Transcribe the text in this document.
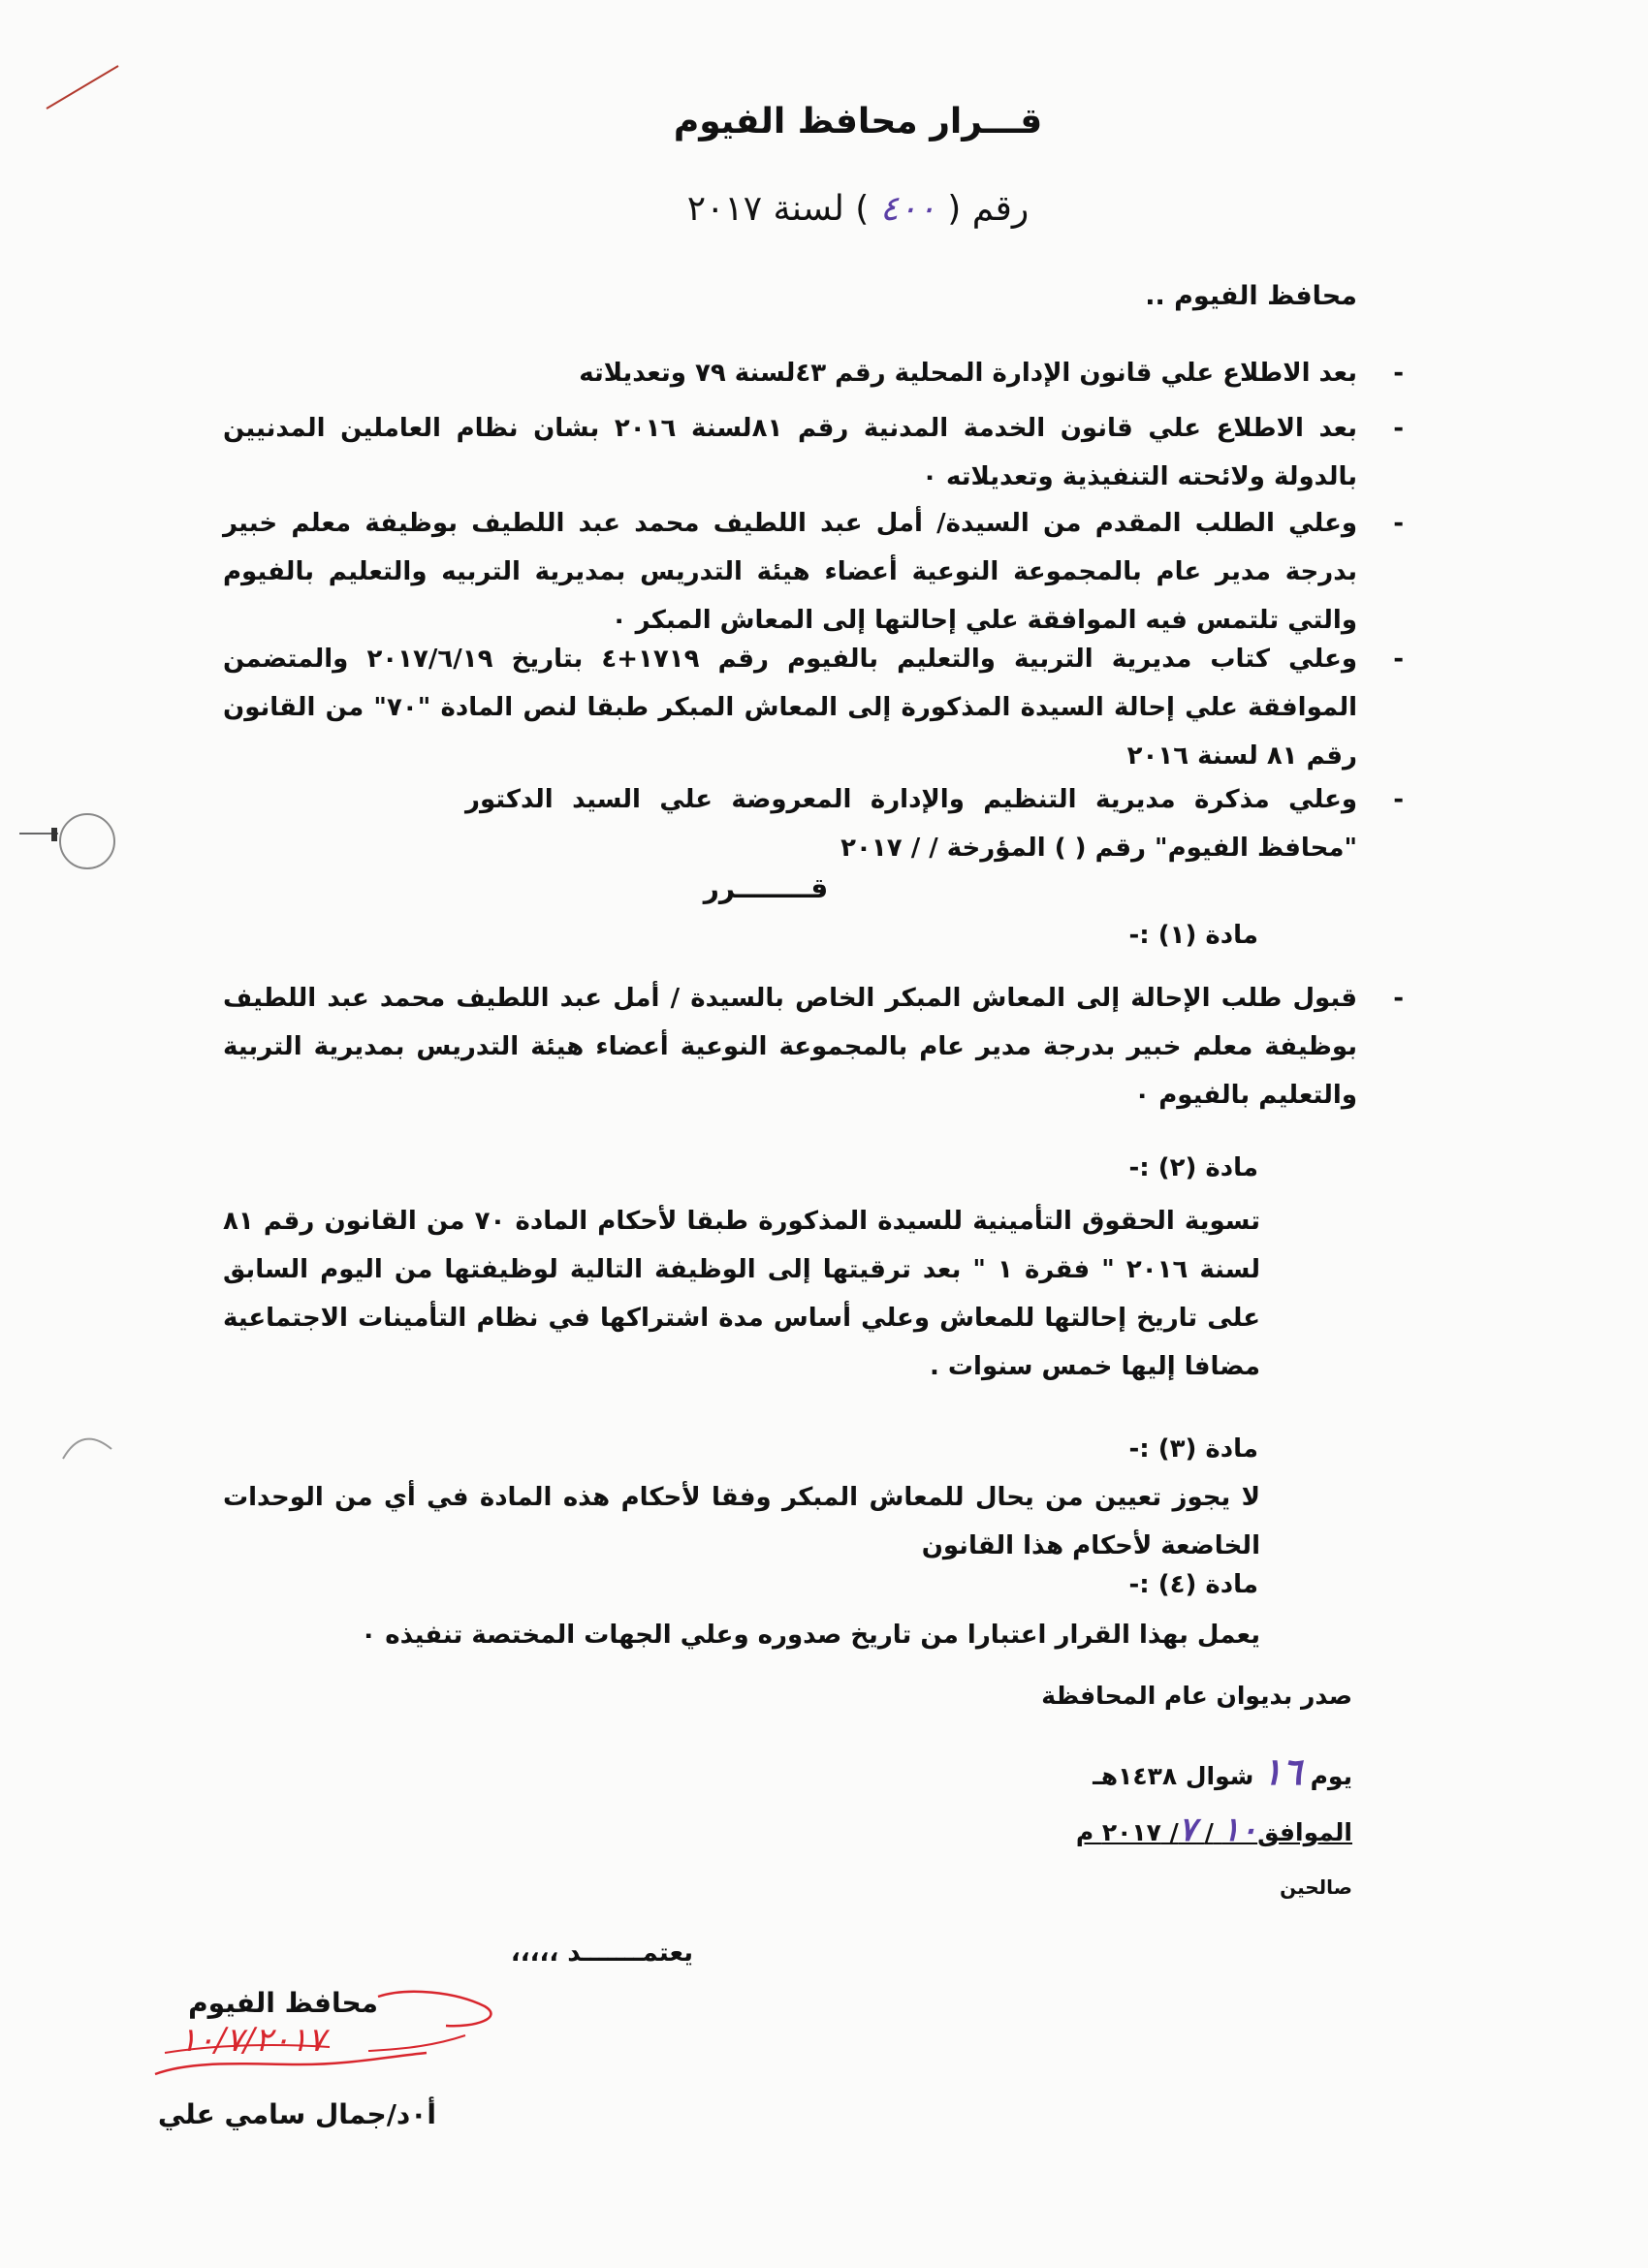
قـــرار محافظ الفيوم
رقم ( ٤٠٠ ) لسنة ٢٠١٧
محافظ الفيوم ..
-
بعد الاطلاع علي قانون الإدارة المحلية رقم ٤٣لسنة ٧٩ وتعديلاته
-
بعد الاطلاع علي قانون الخدمة المدنية رقم ٨١لسنة ٢٠١٦ بشان نظام العاملين المدنيين بالدولة ولائحته التنفيذية وتعديلاته ٠
-
وعلي الطلب المقدم من السيدة/ أمل عبد اللطيف محمد عبد اللطيف بوظيفة معلم خبير بدرجة مدير عام بالمجموعة النوعية أعضاء هيئة التدريس بمديرية التربيه والتعليم بالفيوم والتي تلتمس فيه الموافقة علي إحالتها إلى المعاش المبكر ٠
-
وعلي كتاب مديرية التربية والتعليم بالفيوم رقم ١٧١٩+٤ بتاريخ ٢٠١٧/٦/١٩ والمتضمن الموافقة علي إحالة السيدة المذكورة إلى المعاش المبكر طبقا لنص المادة "٧٠" من القانون رقم ٨١ لسنة ٢٠١٦
-
وعلي مذكرة مديرية التنظيم والإدارة المعروضة علي السيد الدكتور "محافظ الفيوم" رقم ( ) المؤرخة / / ٢٠١٧
قــــــــرر
مادة (١) :-
-
قبول طلب الإحالة إلى المعاش المبكر الخاص بالسيدة / أمل عبد اللطيف محمد عبد اللطيف بوظيفة معلم خبير بدرجة مدير عام بالمجموعة النوعية أعضاء هيئة التدريس بمديرية التربية والتعليم بالفيوم ٠
مادة (٢) :-
تسوية الحقوق التأمينية للسيدة المذكورة طبقا لأحكام المادة ٧٠ من القانون رقم ٨١ لسنة ٢٠١٦ " فقرة ١ " بعد ترقيتها إلى الوظيفة التالية لوظيفتها من اليوم السابق على تاريخ إحالتها للمعاش وعلي أساس مدة اشتراكها في نظام التأمينات الاجتماعية مضافا إليها خمس سنوات .
مادة (٣) :-
لا يجوز تعيين من يحال للمعاش المبكر وفقا لأحكام هذه المادة في أي من الوحدات الخاضعة لأحكام هذا القانون
مادة (٤) :-
يعمل بهذا القرار اعتبارا من تاريخ صدوره وعلي الجهات المختصة تنفيذه ٠
صدر بديوان عام المحافظة
يوم ١٦ شوال ١٤٣٨هـ
الموافق١٠ / ٧/ ٢٠١٧ م
صالحين
يعتمـــــــد ،،،،،
محافظ الفيوم
١٠/٧/٢٠١٧
أ٠د/جمال سامي علي
